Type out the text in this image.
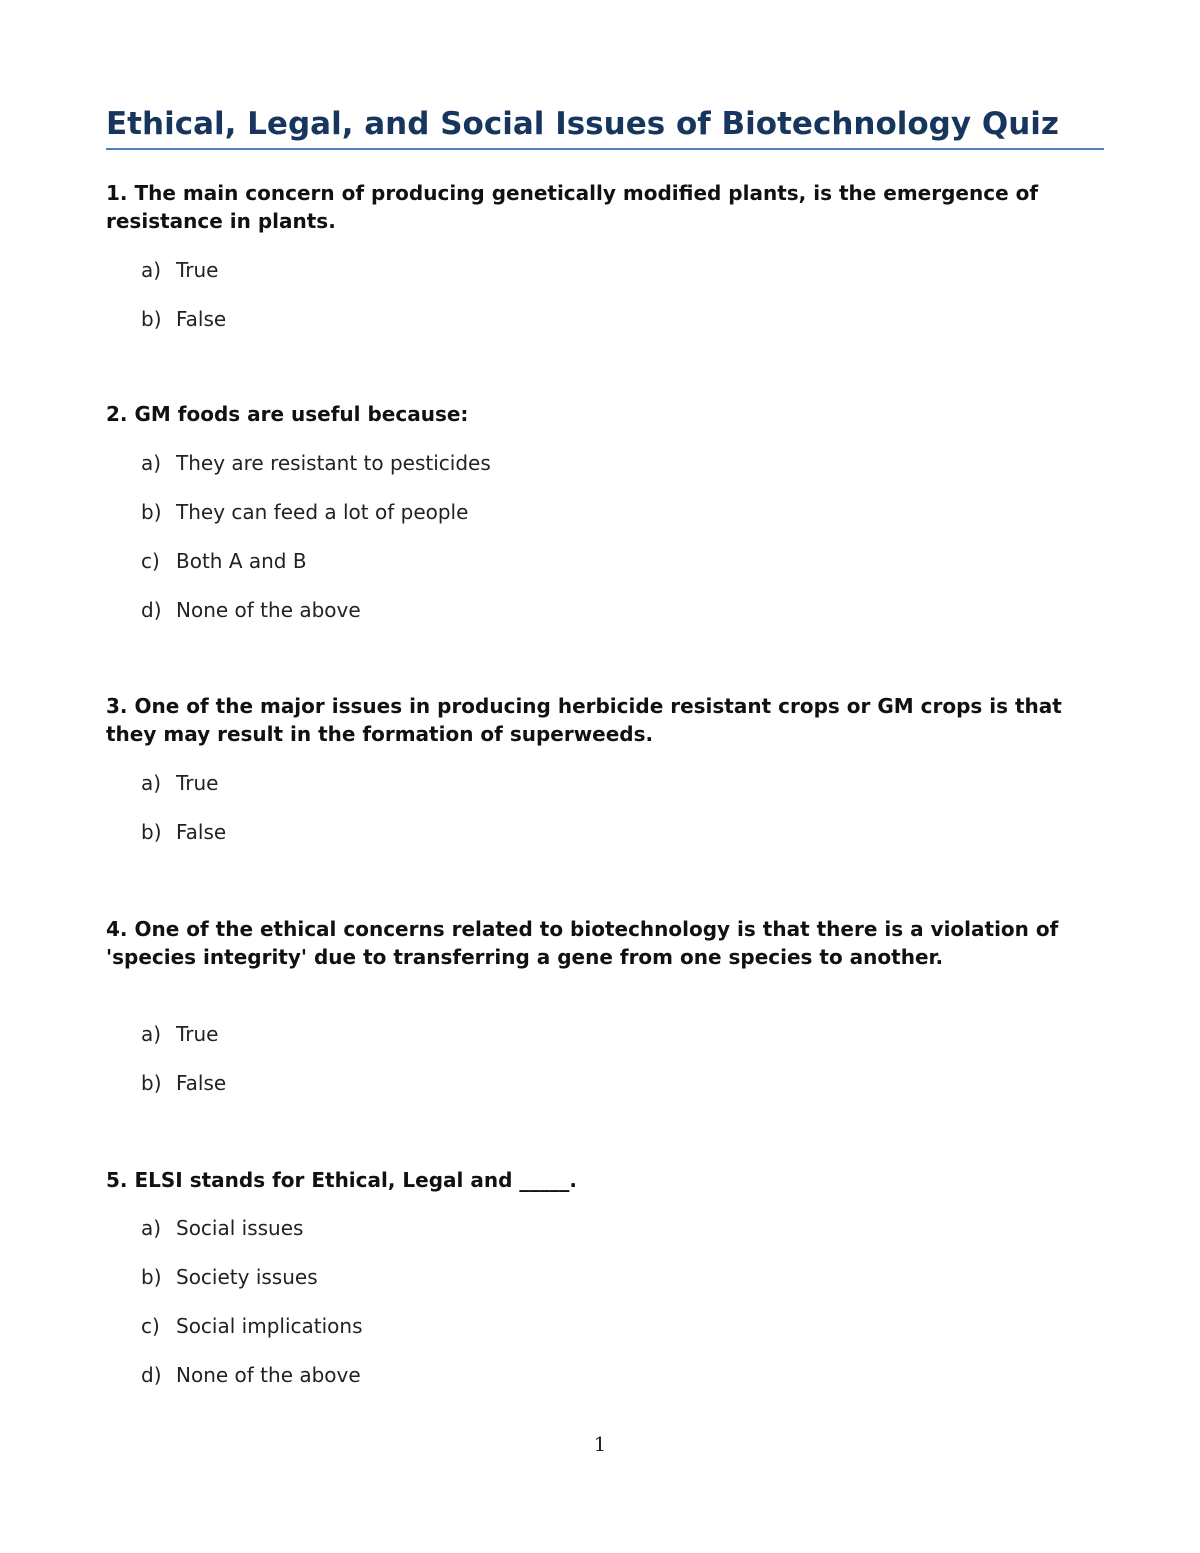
Ethical, Legal, and Social Issues of Biotechnology Quiz

1. The main concern of producing genetically modified plants, is the emergence of resistance in plants.

a) True
b) False

2. GM foods are useful because:

a) They are resistant to pesticides
b) They can feed a lot of people
c) Both A and B
d) None of the above

3. One of the major issues in producing herbicide resistant crops or GM crops is that they may result in the formation of superweeds.

a) True
b) False

4. One of the ethical concerns related to biotechnology is that there is a violation of 'species integrity' due to transferring a gene from one species to another.

a) True
b) False

5. ELSI stands for Ethical, Legal and _____.

a) Social issues
b) Society issues
c) Social implications
d) None of the above
1
